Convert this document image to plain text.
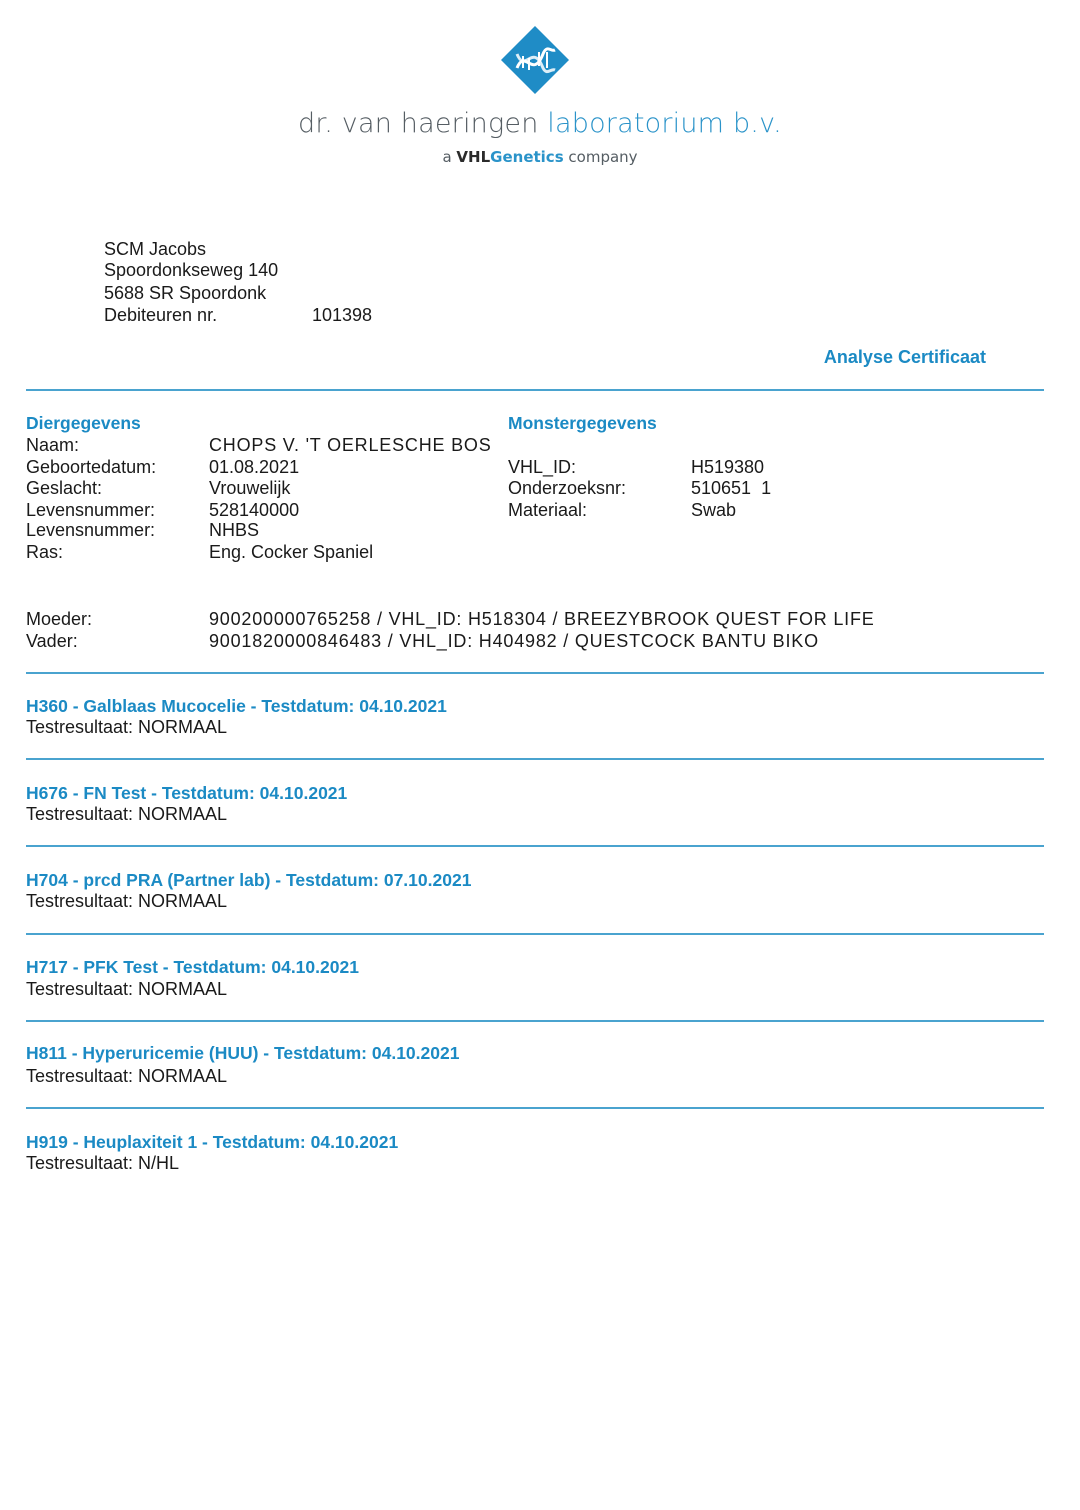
dr. van haeringen laboratorium b.v.
a VHLGenetics company
SCM Jacobs
Spoordonkseweg 140
5688 SR Spoordonk
Debiteuren nr.	101398
Analyse Certificaat
Diergegevens
Naam:	CHOPS V. 'T OERLESCHE BOS
Geboortedatum:	01.08.2021
Geslacht:	Vrouwelijk
Levensnummer:	528140000
Levensnummer:	NHBS
Ras:	Eng. Cocker Spaniel
Monstergegevens
VHL_ID:	H519380
Onderzoeksnr:	510651  1
Materiaal:	Swab
Moeder:	900200000765258 / VHL_ID: H518304 / BREEZYBROOK QUEST FOR LIFE
Vader:	9001820000846483 / VHL_ID: H404982 / QUESTCOCK BANTU BIKO
H360 - Galblaas Mucocelie - Testdatum: 04.10.2021
Testresultaat: NORMAAL
H676 - FN Test - Testdatum: 04.10.2021
Testresultaat: NORMAAL
H704 - prcd PRA (Partner lab) - Testdatum: 07.10.2021
Testresultaat: NORMAAL
H717 - PFK Test - Testdatum: 04.10.2021
Testresultaat: NORMAAL
H811 - Hyperuricemie (HUU) - Testdatum: 04.10.2021
Testresultaat: NORMAAL
H919 - Heuplaxiteit 1 - Testdatum: 04.10.2021
Testresultaat: N/HL
